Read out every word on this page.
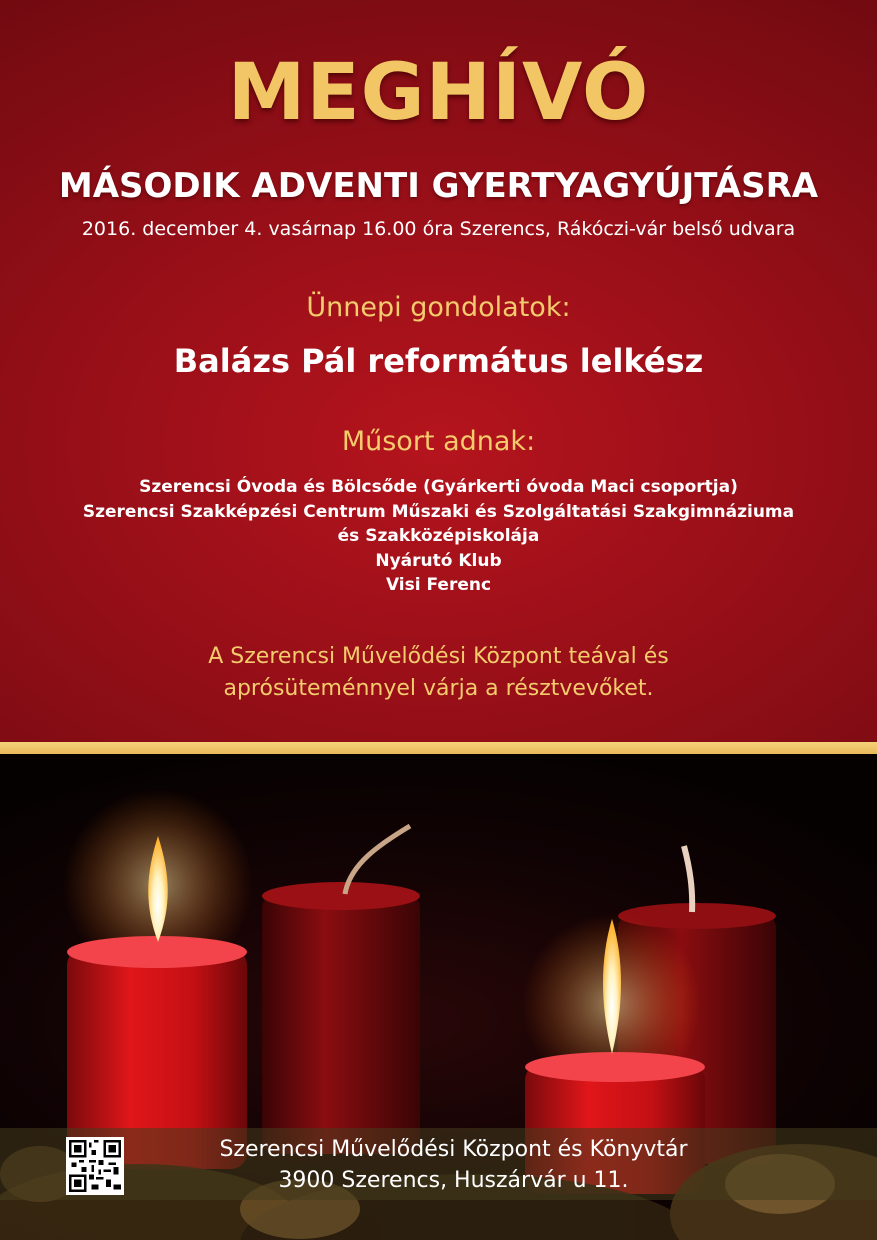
MEGHÍVÓ
MÁSODIK ADVENTI GYERTYAGYÚJTÁSRA
2016. december 4. vasárnap 16.00 óra Szerencs, Rákóczi-vár belső udvara
Ünnepi gondolatok:
Balázs Pál református lelkész
Műsort adnak:
Szerencsi Óvoda és Bölcsőde (Gyárkerti óvoda Maci csoportja)
Szerencsi Szakképzési Centrum Műszaki és Szolgáltatási Szakgimnáziuma
és Szakközépiskolája
Nyárutó Klub
Visi Ferenc
A Szerencsi Művelődési Központ teával és
aprósüteménnyel várja a résztvevőket.
Szerencsi Művelődési Központ és Könyvtár
3900 Szerencs, Huszárvár u 11.
